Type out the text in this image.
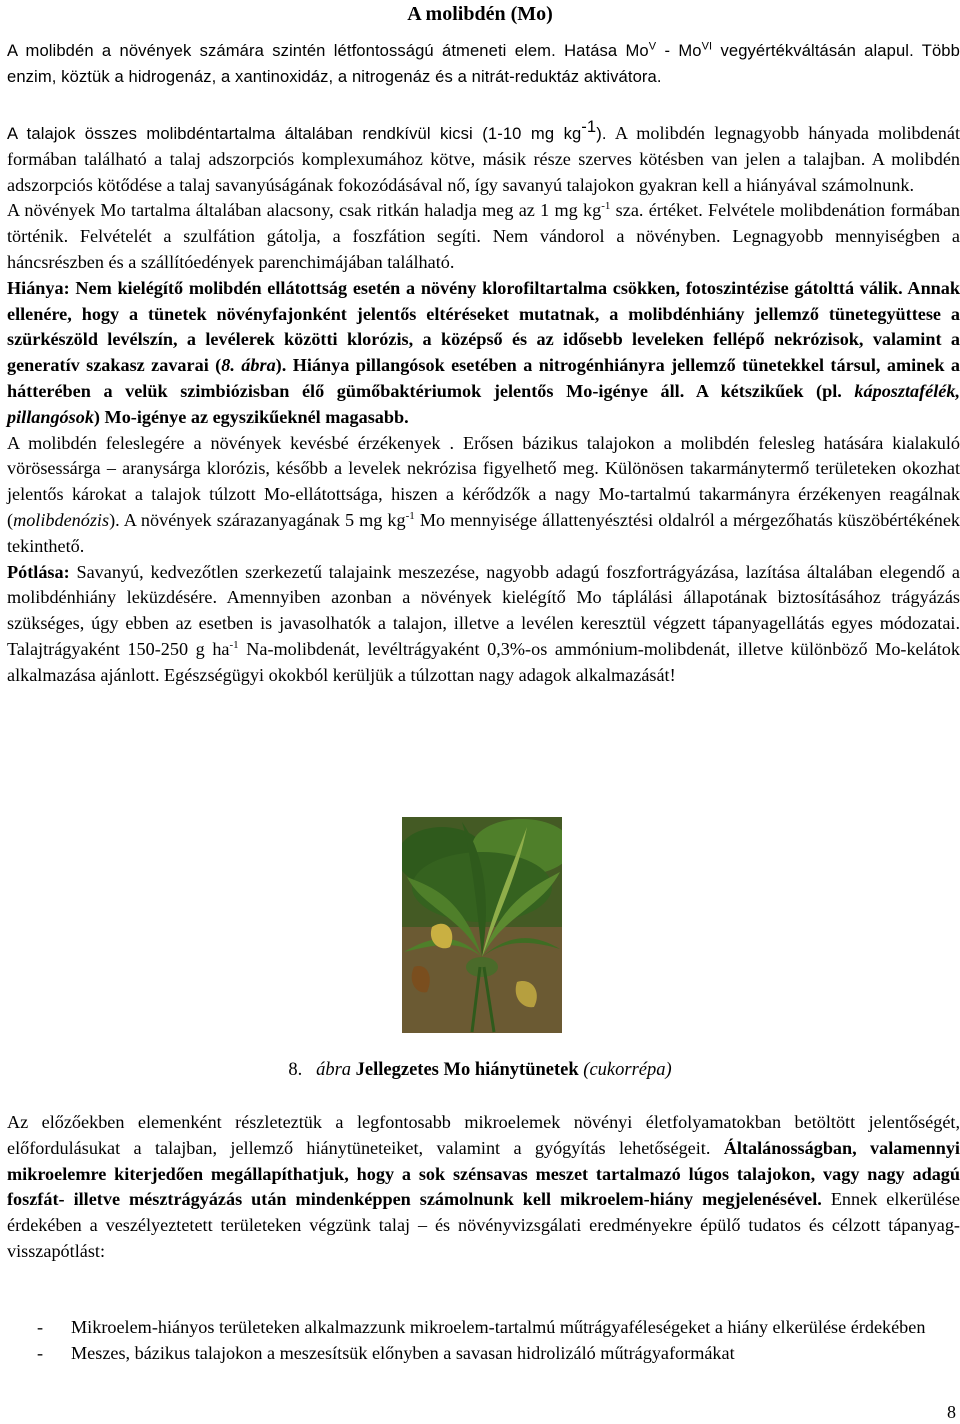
A molibdén (Mo)

A molibdén a növények számára szintén létfontosságú átmeneti elem. Hatása $Mo^V - Mo^{VI}$ vegyértékváltásán alapul. Több enzim, köztük a hidrogenáz, a xantinoxidáz, a nitrogenáz és a nitrát-reduktáz aktivátora.

A talajok összes molibdéntartalma általában rendkívül kicsi (1-10 mg $kg^{-1}$). A molibdén legnagyobb hányada molibdenát formában található a talaj adszorpciós komplexumához kötve, másik része szerves kötésben van jelen a talajban. A molibdén adszorpciós kötődése a talaj savanyúságának fokozódásával nő, így savanyú talajokon gyakran kell a hiányával számolnunk.

A növények Mo tartalma általában alacsony, csak ritkán haladja meg az 1 mg $kg^{-1}$ sza. értéket. Felvétele molibdenátion formában történik. Felvételét a szulfátion gátolja, a foszfátion segíti. Nem vándorol a növényben. Legnagyobb mennyiségben a háncsrészben és a szállítóedények parenchimájában található.

Hiánya: Nem kielégítő molibdén ellátottság esetén a növény klorofiltartalma csökken, fotoszintézise gátolttá válik. Annak ellenére, hogy a tünetek növényfajonként jelentős eltéréseket mutatnak, a molibdénhiány jellemző tünetegyüttese a szürkészöld levélszín, a levélerek közötti klorózis, a középső és az idősebb leveleken fellépő nekrózisok, valamint a generatív szakasz zavarai (8. ábra). Hiánya pillangósok esetében a nitrogénhiányra jellemző tünetekkel társul, aminek a hátterében a velük szimbiózisban élő gümőbaktériumok jelentős Mo-igénye áll. A kétszikűek (pl. káposztafélék, pillangósok) Mo-igénye az egyszikűeknél magasabb.

A molibdén feleslegére a növények kevésbé érzékenyek . Erősen bázikus talajokon a molibdén felesleg hatására kialakuló vörösessárga – aranysárga klorózis, később a levelek nekrózisa figyelhető meg. Különösen takarmánytermő területeken okozhat jelentős károkat a talajok túlzott Mo-ellátottsága, hiszen a kérődzők a nagy Mo-tartalmú takarmányra érzékenyen reagálnak (molibdenózis). A növények szárazanyagának 5 mg $kg^{-1}$ Mo mennyisége állattenyésztési oldalról a mérgezőhatás küszöbértékének tekinthető.

Pótlása: Savanyú, kedvezőtlen szerkezetű talajaink meszezése, nagyobb adagú foszfortrágyázása, lazítása általában elegendő a molibdénhiány leküzdésére. Amennyiben azonban a növények kielégítő Mo táplálási állapotának biztosításához trágyázás szükséges, úgy ebben az esetben is javasolhatók a talajon, illetve a levélen keresztül végzett tápanyagellátás egyes módozatai. Talajtrágyaként 150-250 g $ha^{-1}$ Na-molibdenát, levéltrágyaként 0,3%-os ammónium-molibdenát, illetve különböző Mo-kelátok alkalmazása ajánlott. Egészségügyi okokból kerüljük a túlzottan nagy adagok alkalmazását!

8. ábra Jellegzetes Mo hiánytünetek (cukorrépa)

Az előzőekben elemenként részleteztük a legfontosabb mikroelemek növényi életfolyamatokban betöltött jelentőségét, előfordulásukat a talajban, jellemző hiánytüneteiket, valamint a gyógyítás lehetőségeit. Általánosságban, valamennyi mikroelemre kiterjedően megállapíthatjuk, hogy a sok szénsavas meszet tartalmazó lúgos talajokon, vagy nagy adagú foszfát- illetve mésztrágyázás után mindenképpen számolnunk kell mikroelem-hiány megjelenésével. Ennek elkerülése érdekében a veszélyeztetett területeken végzünk talaj – és növényvizsgálati eredményekre épülő tudatos és célzott tápanyag-visszapótlást:

-	Mikroelem-hiányos területeken alkalmazzunk mikroelem-tartalmú műtrágyaféleségeket a hiány elkerülése érdekében
-	Meszes, bázikus talajokon a meszesítsük előnyben a savasan hidrolizáló műtrágyaformákat
8
